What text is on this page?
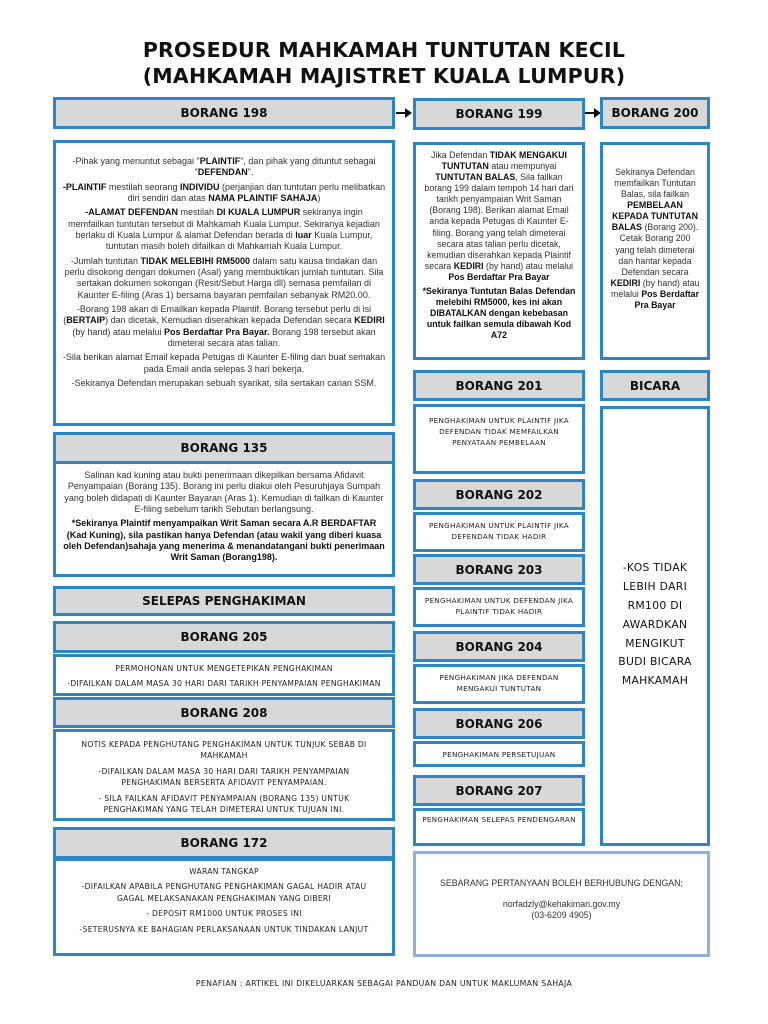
PROSEDUR MAHKAMAH TUNTUTAN KECIL
(MAHKAMAH MAJISTRET KUALA LUMPUR)
BORANG 198

-Pihak yang menuntut sebagai "PLAINTIF", dan pihak yang dituntut sebagai "DEFENDAN".

-PLAINTIF mestilah seorang INDIVIDU (perjanjian dan tuntutan perlu melibatkan diri sendiri dan atas NAMA PLAINTIF SAHAJA)

-ALAMAT DEFENDAN mestilah DI KUALA LUMPUR sekiranya ingin memfailkan tuntutan tersebut di Mahkamah Kuala Lumpur. Sekiranya kejadian berlaku di Kuala Lumpur & alamat Defendan berada di luar Kuala Lumpur, tuntutan masih boleh difailkan di Mahkamah Kuala Lumpur.

-Jumlah tuntutan TIDAK MELEBIHI RM5000 dalam satu kausa tindakan dan perlu disokong dengan dokumen (Asal) yang membuktikan jumlah tuntutan. Sila sertakan dokumen sokongan (Resit/Sebut Harga dll) semasa pemfailan di Kaunter E-filing (Aras 1) bersama bayaran pemfailan sebanyak RM20.00.

-Borang 198 akan di Emailkan kepada Plaintif. Borang tersebut perlu di isi (BERTAIP) dan dicetak, Kemudian diserahkan kepada Defendan secara KEDIRI (by hand) atau melalui Pos Berdaftar Pra Bayar. Borang 198 tersebut akan dimeterai secara atas talian.

-Sila berikan alamat Email kepada Petugas di Kaunter E-filing dan buat semakan pada Email anda selepas 3 hari bekerja.

-Sekiranya Defendan merupakan sebuah syarikat, sila sertakan carian SSM.

BORANG 199

Jika Defendan TIDAK MENGAKUI TUNTUTAN atau mempunyai TUNTUTAN BALAS, Sila failkan borang 199 dalam tempoh 14 hari dari tarikh penyampaian Writ Saman (Borang 198). Berikan alamat Email anda kepada Petugas di Kaunter E-filing. Borang yang telah dimeterai secara atas talian perlu dicetak, kemudian diserahkan kepada Plaintif secara KEDIRI (by hand) atau melalui Pos Berdaftar Pra Bayar

*Sekiranya Tuntutan Balas Defendan melebihi RM5000, kes ini akan DIBATALKAN dengan kebebasan untuk failkan semula dibawah Kod A72

BORANG 200

Sekiranya Defendan memfailkan Tuntutan Balas, sila failkan PEMBELAAN KEPADA TUNTUTAN BALAS (Borang 200). Cetak Borang 200 yang telah dimeterai dan hantar kepada Defendan secara KEDIRI (by hand) atau melalui Pos Berdaftar Pra Bayar

BORANG 135

Salinan kad kuning atau bukti penerimaan dikepilkan bersama Afidavit Penyampaian (Borang 135). Borang ini perlu diakui oleh Pesuruhjaya Sumpah yang boleh didapati di Kaunter Bayaran (Aras 1). Kemudian di failkan di Kaunter E-filing sebelum tarikh Sebutan berlangsung.

*Sekiranya Plaintif menyampaikan Writ Saman secara A.R BERDAFTAR (Kad Kuning), sila pastikan hanya Defendan (atau wakil yang diberi kuasa oleh Defendan)sahaja yang menerima & menandatangani bukti penerimaan Writ Saman (Borang198).

SELEPAS PENGHAKIMAN
BORANG 205

PERMOHONAN UNTUK MENGETEPIKAN PENGHAKIMAN

-DIFAILKAN DALAM MASA 30 HARI DARI TARIKH PENYAMPAIAN PENGHAKIMAN

BORANG 208

NOTIS KEPADA PENGHUTANG PENGHAKIMAN UNTUK TUNJUK SEBAB DI MAHKAMAH

-DIFAILKAN DALAM MASA 30 HARI DARI TARIKH PENYAMPAIAN PENGHAKIMAN BERSERTA AFIDAVIT PENYAMPAIAN.

- SILA FAILKAN AFIDAVIT PENYAMPAIAN (BORANG 135) UNTUK PENGHAKIMAN YANG TELAH DIMETERAI UNTUK TUJUAN INI.

BORANG 172

WARAN TANGKAP

-DIFAILKAN APABILA PENGHUTANG PENGHAKIMAN GAGAL HADIR ATAU GAGAL MELAKSANAKAN PENGHAKIMAN YANG DIBERI

- DEPOSIT RM1000 UNTUK PROSES INI

-SETERUSNYA KE BAHAGIAN PERLAKSANAAN UNTUK TINDAKAN LANJUT

BORANG 201

PENGHAKIMAN UNTUK PLAINTIF JIKA DEFENDAN TIDAK MEMFAILKAN PENYATAAN PEMBELAAN

BORANG 202

PENGHAKIMAN UNTUK PLAINTIF JIKA DEFENDAN TIDAK HADIR

BORANG 203

PENGHAKIMAN UNTUK DEFENDAN JIKA PLAINTIF TIDAK HADIR

BORANG 204

PENGHAKIMAN JIKA DEFENDAN MENGAKUI TUNTUTAN

BORANG 206

PENGHAKIMAN PERSETUJUAN

BORANG 207

PENGHAKIMAN SELEPAS PENDENGARAN

BICARA

-KOS TIDAK LEBIH DARI RM100 DI AWARDKAN MENGIKUT BUDI BICARA MAHKAMAH

SEBARANG PERTANYAAN BOLEH BERHUBUNG DENGAN;

norfadzly@kehakiman.gov.my

(03-6209 4905)

PENAFIAN : ARTIKEL INI DIKELUARKAN SEBAGAI PANDUAN DAN UNTUK MAKLUMAN SAHAJA
